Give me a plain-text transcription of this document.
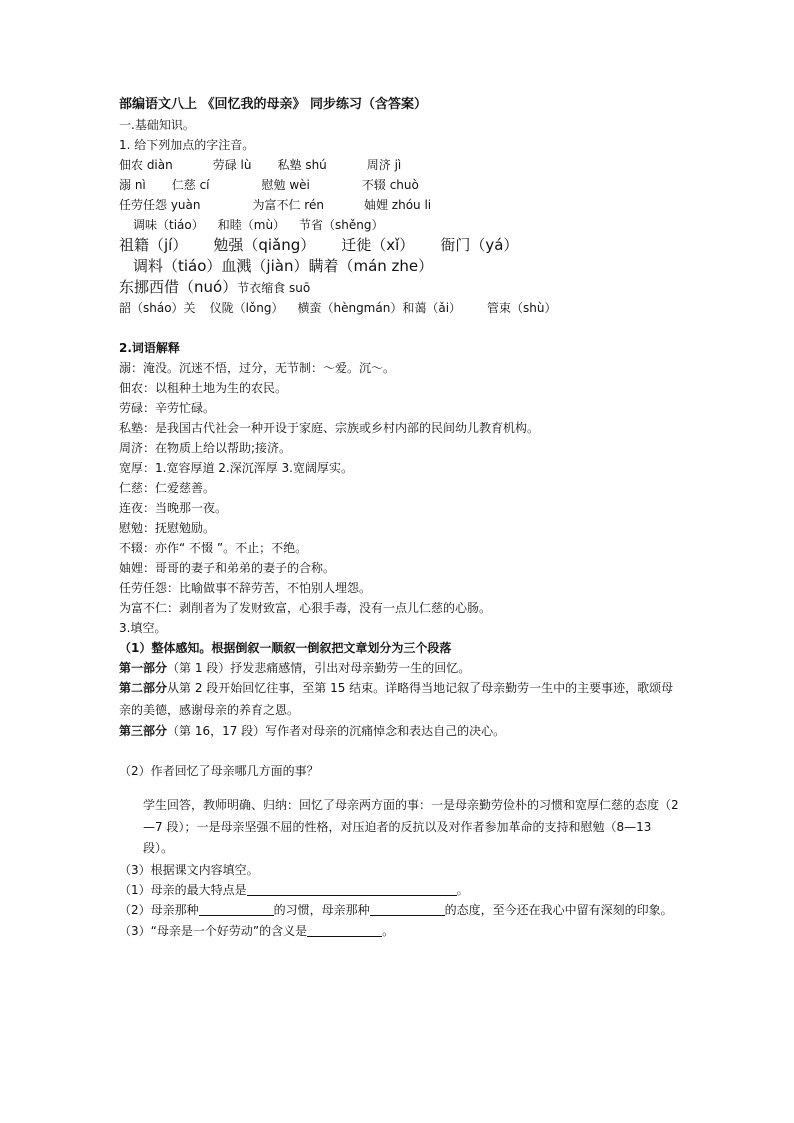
部编语文八上 《回忆我的母亲》 同步练习（含答案）
一.基础知识。
1. 给下列加点的字注音。
佃农 diàn	劳碌 lù 私塾 shú	周济 jì
溺 nì 仁慈 cí	慰勉 wèi	不辍 chuò
任劳任怨 yuàn	为富不仁 rén	妯娌 zhóu li
调味（tiáo） 和睦（mù） 节省（shěng）
祖籍（jí） 勉强（qiǎng） 迁徙（xǐ） 衙门（yá）
调料（tiáo）血溅（jiàn）瞒着（mán zhe）
东挪西借（nuó）节衣缩食 suō
韶（sháo）关 仪陇（lǒng） 横蛮（hèngmán）和蔼（ǎi） 管束（shù）
2.词语解释
溺：淹没。沉迷不悟，过分，无节制：～爱。沉～。
佃农：以租种土地为生的农民。
劳碌：辛劳忙碌。
私塾：是我国古代社会一种开设于家庭、宗族或乡村内部的民间幼儿教育机构。
周济：在物质上给以帮助;接济。
宽厚：1.宽容厚道 2.深沉浑厚 3.宽阔厚实。
仁慈：仁爱慈善。
连夜：当晚那一夜。
慰勉：抚慰勉励。
不辍：亦作“ 不惙 ”。不止；不绝。
妯娌：哥哥的妻子和弟弟的妻子的合称。
任劳任怨：比喻做事不辞劳苦，不怕别人埋怨。
为富不仁：剥削者为了发财致富，心狠手毒，没有一点儿仁慈的心肠。
3.填空。
（1）整体感知。根据倒叙一顺叙一倒叙把文章划分为三个段落
第一部分（第 1 段）抒发悲痛感情，引出对母亲勤劳一生的回忆。
第二部分从第 2 段开始回忆往事，至第 15 结束。详略得当地记叙了母亲勤劳一生中的主要事迹，歌颂母亲的美德，感谢母亲的养育之恩。
第三部分（第 16，17 段）写作者对母亲的沉痛悼念和表达自己的决心。
（2）作者回忆了母亲哪几方面的事？
学生回答，教师明确、归纳：回忆了母亲两方面的事：一是母亲勤劳俭朴的习惯和宽厚仁慈的态度（2—7 段）；一是母亲坚强不屈的性格，对压迫者的反抗以及对作者参加革命的支持和慰勉（8—13 段）。
（3）根据课文内容填空。
（1）母亲的最大特点是	。
（2）母亲那种	的习惯，母亲那种	的态度，至今还在我心中留有深刻的印象。
（3）“母亲是一个好劳动”的含义是	。
